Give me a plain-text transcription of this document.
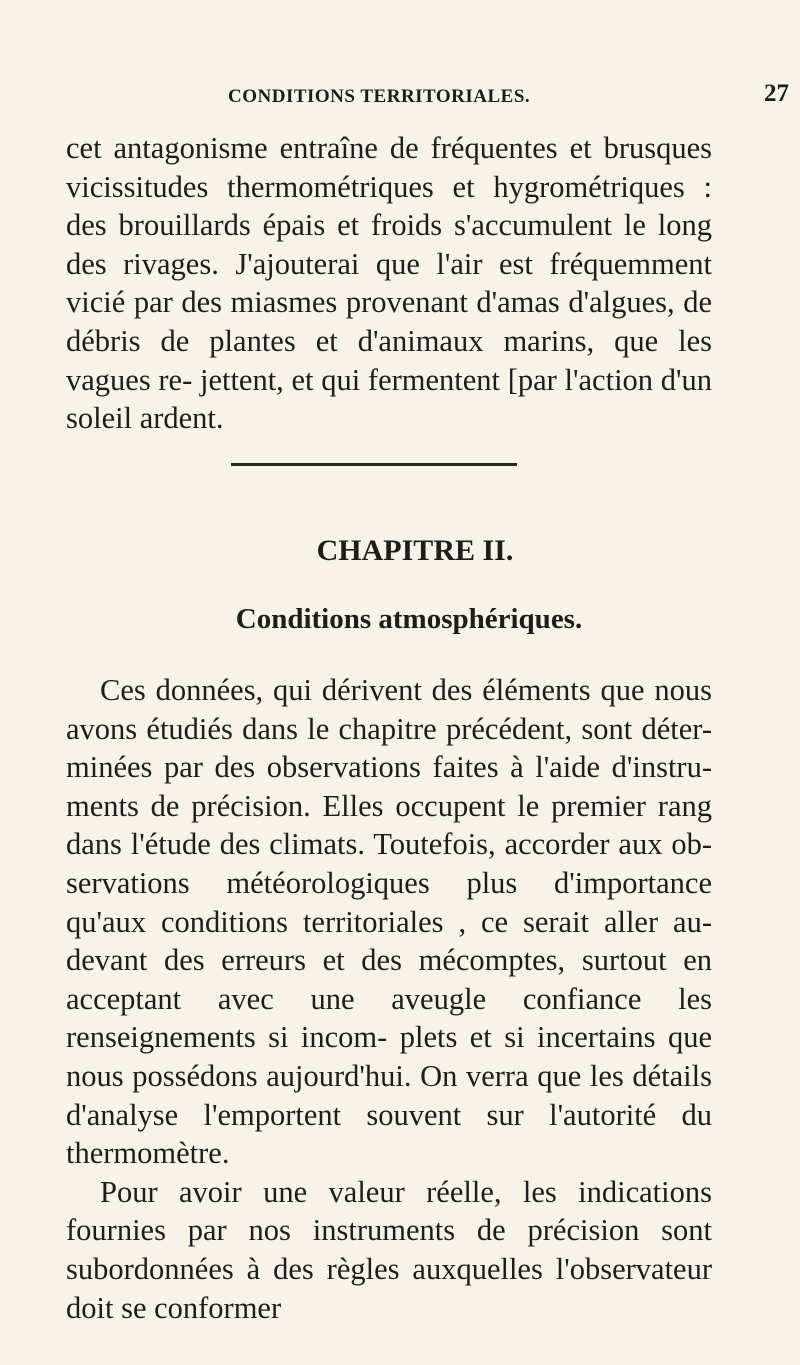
CONDITIONS TERRITORIALES.	27

cet antagonisme entraîne de fréquentes et brusques vicissitudes thermométriques et hygrométriques : des brouillards épais et froids s'accumulent le long des rivages. J'ajouterai que l'air est fréquemment vicié par des miasmes provenant d'amas d'algues, de débris de plantes et d'animaux marins, que les vagues re- jettent, et qui fermentent [par l'action d'un soleil ardent.

CHAPITRE II.
Conditions atmosphériques.

Ces données, qui dérivent des éléments que nous avons étudiés dans le chapitre précédent, sont déter- minées par des observations faites à l'aide d'instru- ments de précision. Elles occupent le premier rang dans l'étude des climats. Toutefois, accorder aux ob- servations météorologiques plus d'importance qu'aux conditions territoriales , ce serait aller au-devant des erreurs et des mécomptes, surtout en acceptant avec une aveugle confiance les renseignements si incom- plets et si incertains que nous possédons aujourd'hui. On verra que les détails d'analyse l'emportent souvent sur l'autorité du thermomètre.

Pour avoir une valeur réelle, les indications fournies par nos instruments de précision sont subordonnées à des règles auxquelles l'observateur doit se conformer
